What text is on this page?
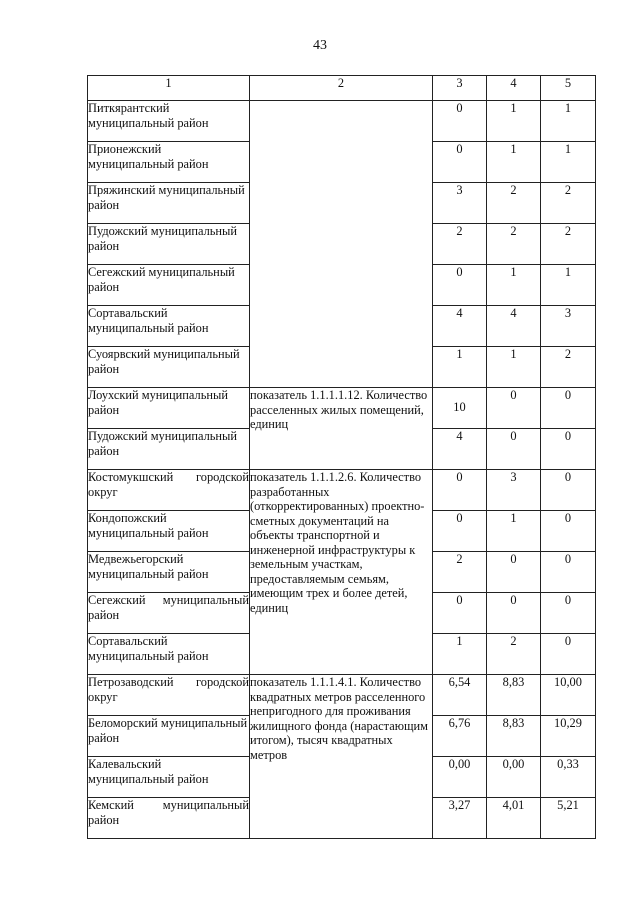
43
1	2	3	4	5
Питкярантский муниципальный район		0	1	1
Прионежский муниципальный район		0	1	1
Пряжинский муниципальный район		3	2	2
Пудожский муниципальный район		2	2	2
Сегежский муниципальный район		0	1	1
Сортавальский муниципальный район		4	4	3
Суоярвский муниципальный район		1	1	2
Лоухский муниципальный район	показатель 1.1.1.1.12. Количество расселенных жилых помещений, единиц	10	0	0
Пудожский муниципальный район		4	0	0
Костомукшский городской округ	показатель 1.1.1.2.6. Количество разработанных (откорректированных) проектно-сметных документаций на объекты транспортной и инженерной инфраструктуры к земельным участкам, предоставляемым семьям, имеющим трех и более детей, единиц	0	3	0
Кондопожский муниципальный район		0	1	0
Медвежьегорский муниципальный район		2	0	0
Сегежский муниципальный район		0	0	0
Сортавальский муниципальный район		1	2	0
Петрозаводский городской округ	показатель 1.1.1.4.1. Количество квадратных метров расселенного непригодного для проживания жилищного фонда (нарастающим итогом), тысяч квадратных метров	6,54	8,83	10,00
Беломорский муниципальный район		6,76	8,83	10,29
Калевальский муниципальный район		0,00	0,00	0,33
Кемский муниципальный район		3,27	4,01	5,21
